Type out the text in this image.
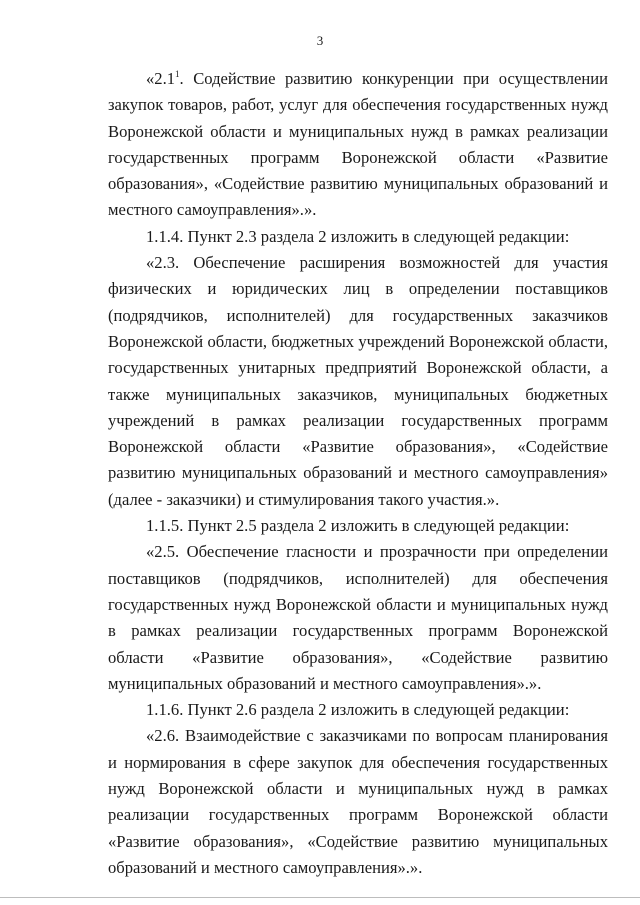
3

«$2.1^1$. Содействие развитию конкуренции при осуществлении закупок товаров, работ, услуг для обеспечения государственных нужд Воронежской области и муниципальных нужд в рамках реализации государственных программ Воронежской области «Развитие образования», «Содействие развитию муниципальных образований и местного самоуправления».».

1.1.4. Пункт 2.3 раздела 2 изложить в следующей редакции:

«2.3. Обеспечение расширения возможностей для участия физических и юридических лиц в определении поставщиков (подрядчиков, исполнителей) для государственных заказчиков Воронежской области, бюджетных учреждений Воронежской области, государственных унитарных предприятий Воронежской области, а также муниципальных заказчиков, муниципальных бюджетных учреждений в рамках реализации государственных программ Воронежской области «Развитие образования», «Содействие развитию муниципальных образований и местного самоуправления» (далее - заказчики) и стимулирования такого участия.».

1.1.5. Пункт 2.5 раздела 2 изложить в следующей редакции:

«2.5. Обеспечение гласности и прозрачности при определении поставщиков (подрядчиков, исполнителей) для обеспечения государственных нужд Воронежской области и муниципальных нужд в рамках реализации государственных программ Воронежской области «Развитие образования», «Содействие развитию муниципальных образований и местного самоуправления».».

1.1.6. Пункт 2.6 раздела 2 изложить в следующей редакции:

«2.6. Взаимодействие с заказчиками по вопросам планирования и нормирования в сфере закупок для обеспечения государственных нужд Воронежской области и муниципальных нужд в рамках реализации государственных программ Воронежской области «Развитие образования», «Содействие развитию муниципальных образований и местного самоуправления».».
